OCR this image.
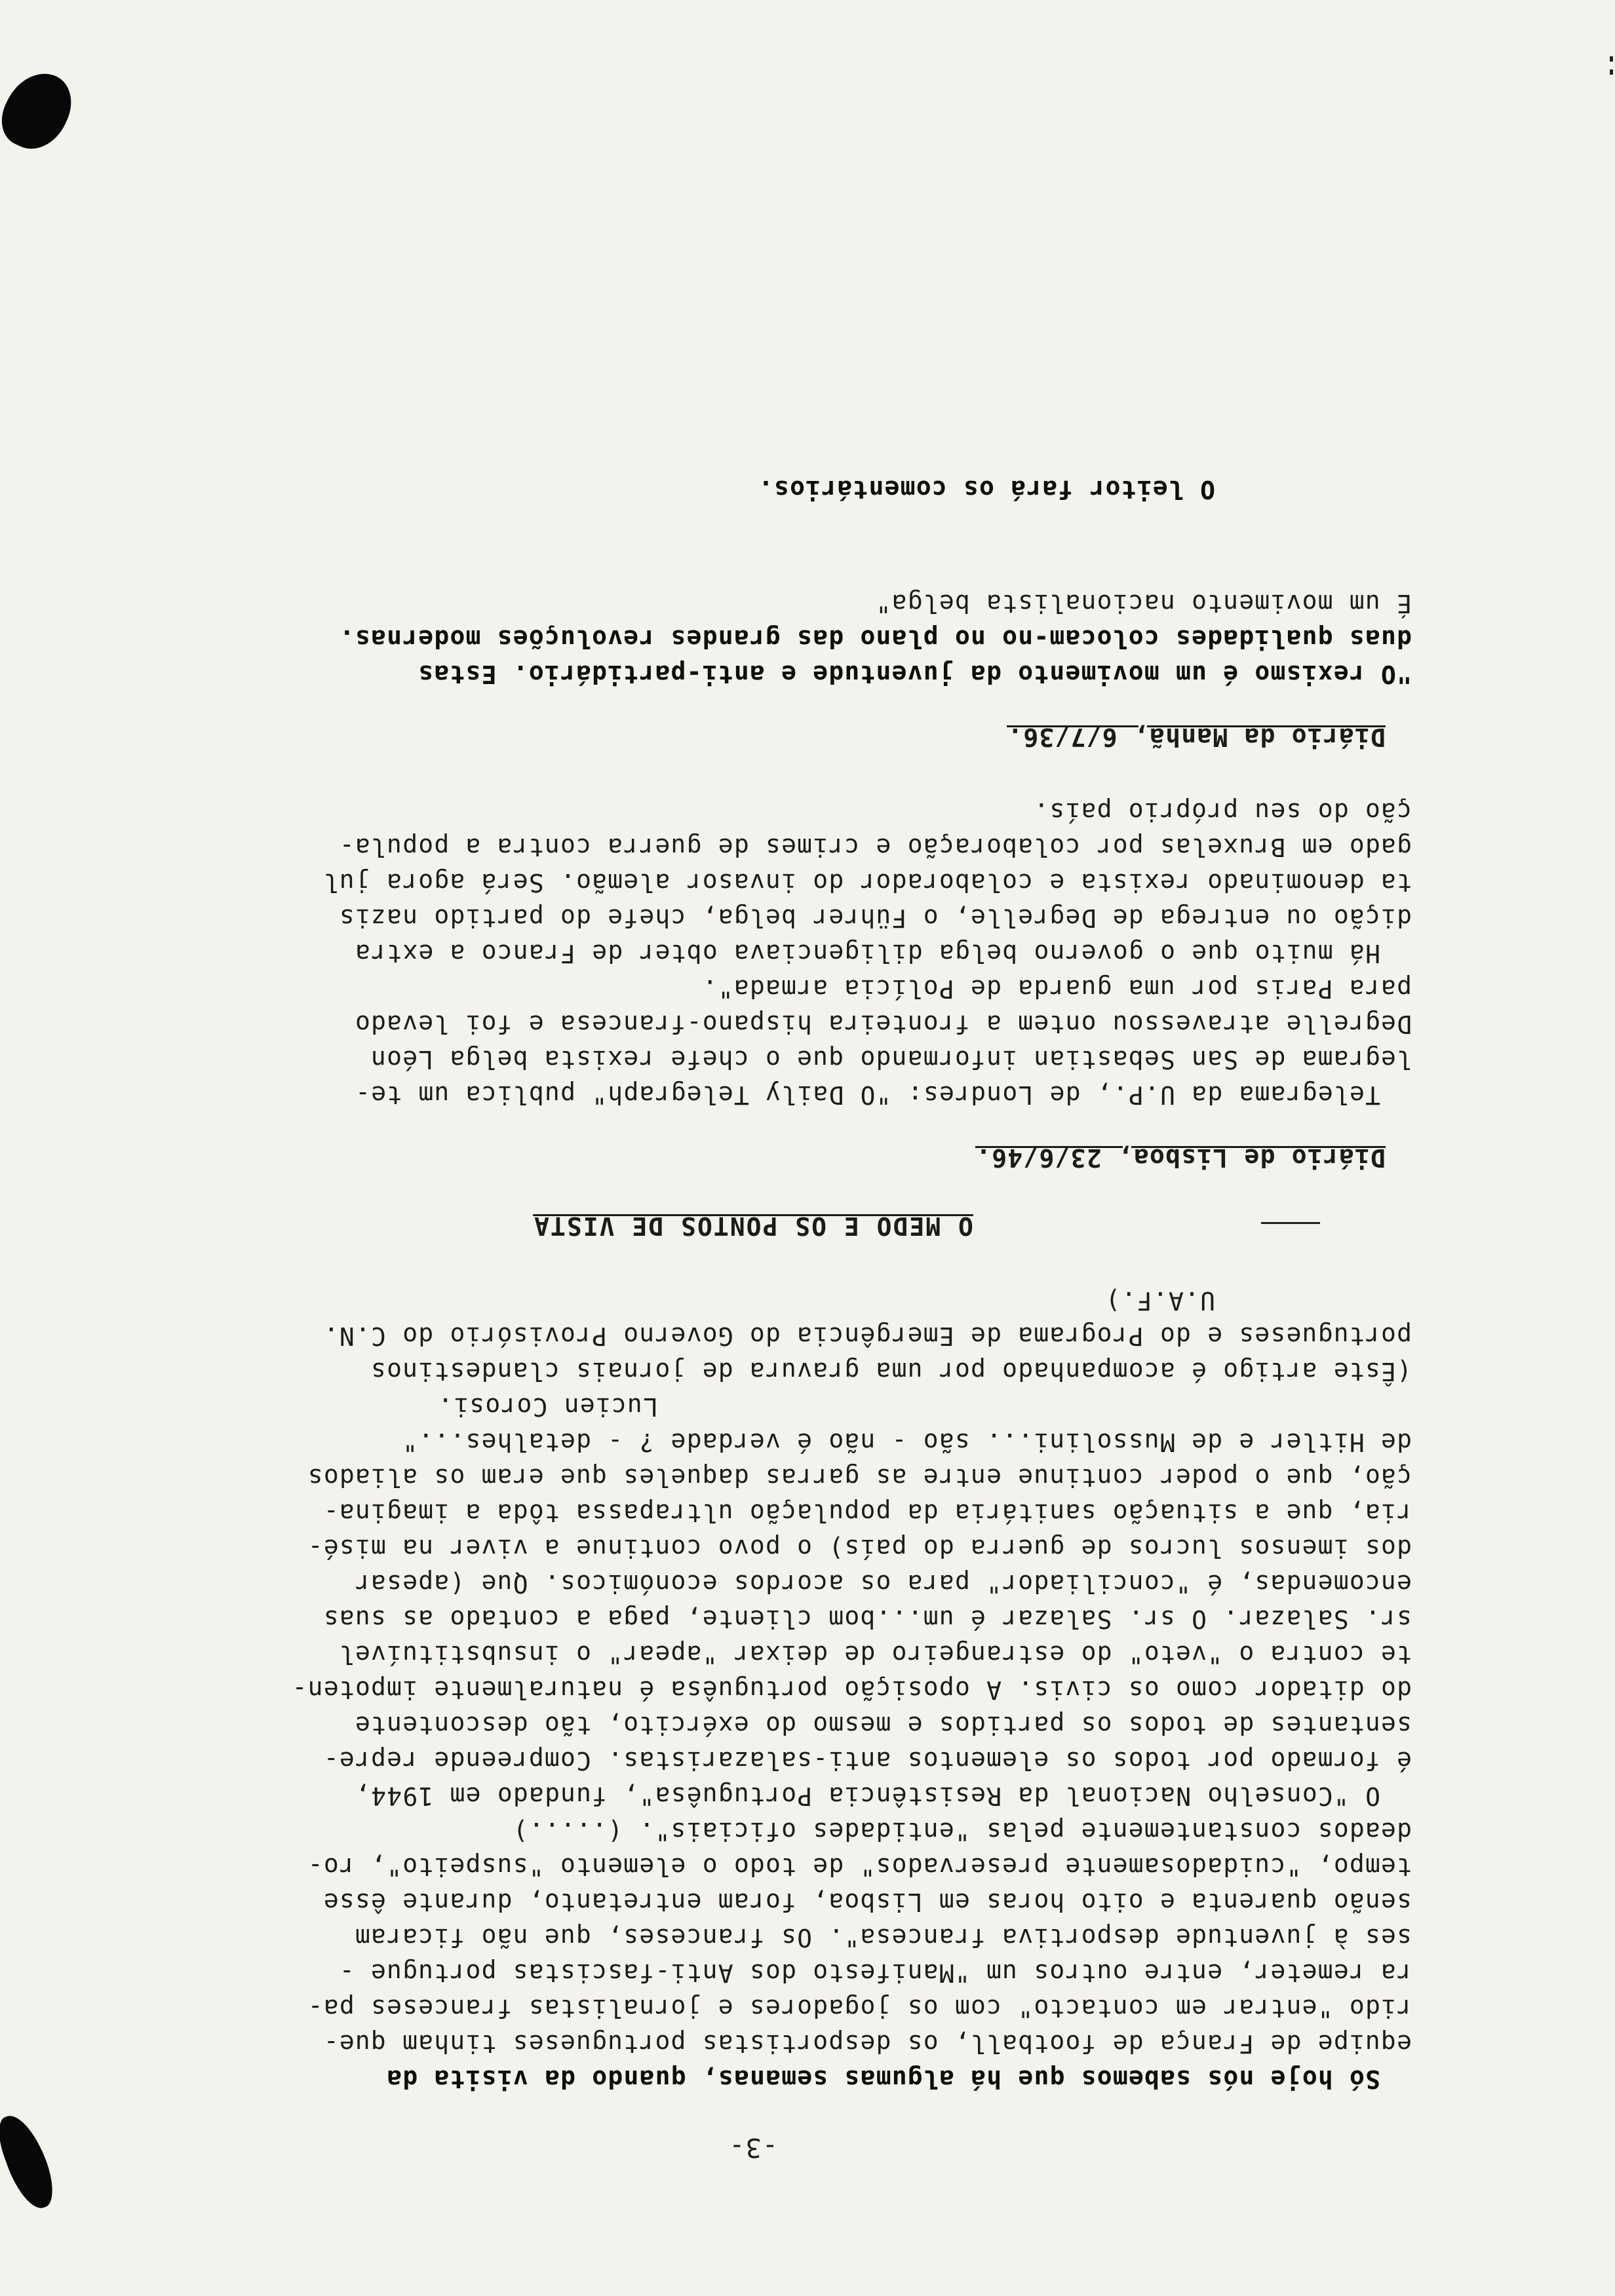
-3-
Só hoje nós sabemos que há algumas semanas, quando da visita da
equipe de França de football, os desportistas portugueses tinham que-
rido "entrar em contacto" com os jogadores e jornalistas franceses pa-
ra remeter, entre outros um "Manifesto dos Anti-fascistas portugue -
ses à juventude desportiva francesa". Os franceses, que não ficaram
senão quarenta e oito horas em Lisboa, foram entretanto, durante êsse
tempo, "cuidadosamente preservados" de todo o elemento "suspeito", ro-
deados constantemente pelas "entidades oficiais". (.....)
O "Conselho Nacional da Resistência Portuguêsa", fundado em 1944,
é formado por todos os elementos anti-salazaristas. Compreende repre-
sentantes de todos os partidos e mesmo do exército, tão descontente
do ditador como os civis. A oposição portuguêsa é naturalmente impoten-
te contra o "veto" do estrangeiro de deixar "apear" o insubstituível
sr. Salazar. O sr. Salazar é um...bom cliente, paga a contado as suas
encomendas, é "conciliador" para os acordos económicos. Que (apesar
dos imensos lucros de guerra do país) o povo continue a viver na misé-
ria, que a situação sanitária da população ultrapassa tôda a imagina-
ção, que o poder continue entre as garras daqueles que eram os aliados
de Hitler e de Mussolini... são - não é verdade ? - detalhes..."
Lucien Corosi.
(Êste artigo é acompanhado por uma gravura de jornais clandestinos
portugueses e do Programa de Emergência do Governo Provisório do C.N.
U.A.F.)
O MEDO E OS PONTOS DE VISTA
Diário de Lisboa, 23/6/46.
Telegrama da U.P., de Londres: "O Daily Telegraph" publica um te-
legrama de San Sebastian informando que o chefe rexista belga Léon
Degrelle atravessou ontem a fronteira hispano-francesa e foi levado
para Paris por uma guarda de Polícia armada".
Há muito que o governo belga diligenciava obter de Franco a extra
dição ou entrega de Degrelle, o Führer belga, chefe do partido nazis
ta denominado rexista e colaborador do invasor alemão. Será agora jul
gado em Bruxelas por colaboração e crimes de guerra contra a popula-
ção do seu próprio país.
Diário da Manhã, 6/7/36.
"O rexismo é um movimento da juventude e anti-partidário. Estas
duas qualidades colocam-no no plano das grandes revoluções modernas.
É um movimento nacionalista belga"
O leitor fará os comentários.
